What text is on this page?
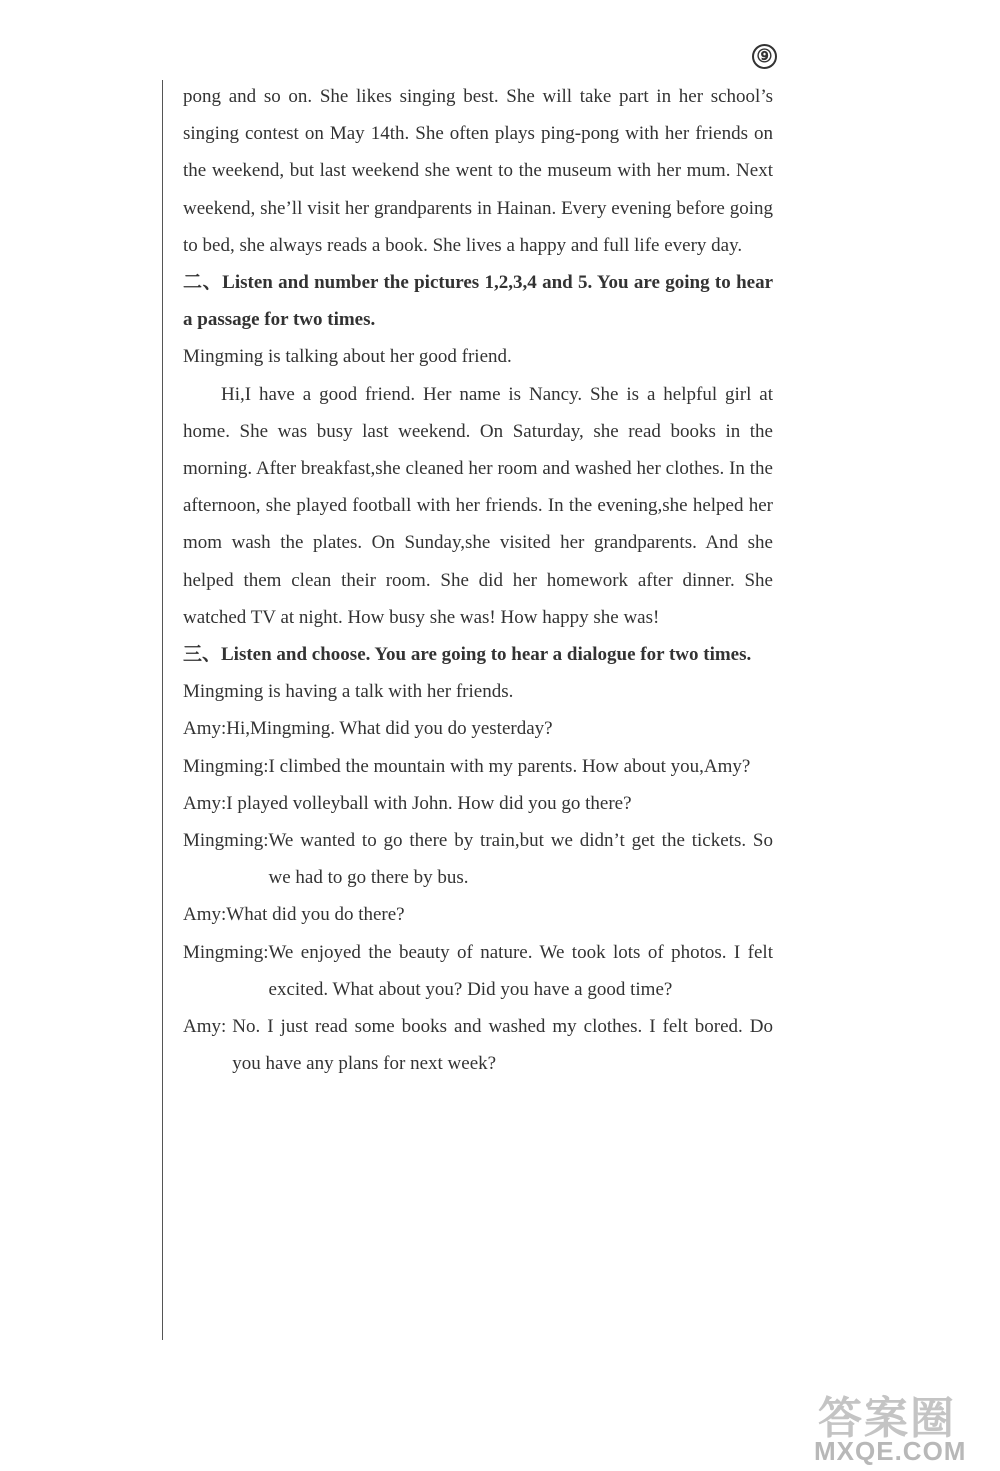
⑨

pong and so on. She likes singing best. She will take part in her school’s singing contest on May 14th. She often plays ping-pong with her friends on the weekend, but last weekend she went to the museum with her mum. Next weekend, she’ll visit her grandparents in Hainan. Every evening before going to bed, she always reads a book. She lives a happy and full life every day.

二、Listen and number the pictures 1,2,3,4 and 5. You are going to hear a passage for two times.

Mingming is talking about her good friend.

Hi,I have a good friend. Her name is Nancy. She is a helpful girl at home. She was busy last weekend. On Saturday, she read books in the morning. After breakfast,she cleaned her room and washed her clothes. In the afternoon, she played football with her friends. In the evening,she helped her mom wash the plates. On Sunday,she visited her grandparents. And she helped them clean their room. She did her homework after dinner. She watched TV at night. How busy she was! How happy she was!

三、Listen and choose. You are going to hear a dialogue for two times.

Mingming is having a talk with her friends.

Amy: Hi,Mingming. What did you do yesterday?
Mingming: I climbed the mountain with my parents. How about you,Amy?
Amy: I played volleyball with John. How did you go there?
Mingming: We wanted to go there by train,but we didn’t get the tickets. So we had to go there by bus.
Amy: What did you do there?
Mingming: We enjoyed the beauty of nature. We took lots of photos. I felt excited. What about you? Did you have a good time?
Amy: No. I just read some books and washed my clothes. I felt bored. Do you have any plans for next week?
答案圈
MXQE.COM
